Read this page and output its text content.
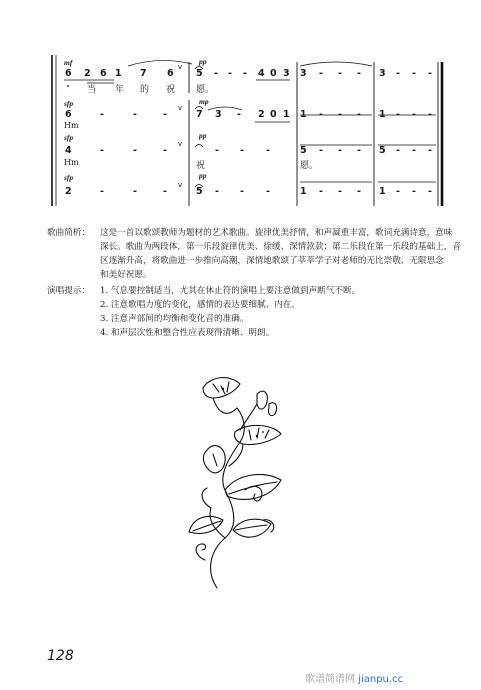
mf	pp
6 2 6 1 7 6
v
5 - - - 4 0 3 3 - - - 3 - - -
当 年 的 祝 愿。
sfp	mp
6	-	-	-
v
7 3 - 2 0 1 1 - - - 1 - - -
Hm
sfp	pp
4	-	-	-
v
- - -	5 - - - 5 - - -
Hm	祝	愿。
sfp	pp
2	-	-	-
v
5 - - -	1 - - - 1 - - -
歌曲简析： 这是一首以歌颂教师为题材的艺术歌曲。旋律优美抒情，和声凝重丰富，歌词充满诗意，意味
深长。歌曲为两段体，第一乐段旋律优美、徐缓、深情款款；第二乐段在第一乐段的基础上，音
区逐渐升高，将歌曲进一步推向高潮，深情地歌颂了莘莘学子对老师的无比崇敬、无限思念
和美好祝愿。
演唱提示： 1. 气息要控制适当，尤其在休止符的演唱上要注意做到声断气不断。
2. 注意歌唱力度的变化，感情的表达要细腻、内在。
3. 注意声部间的均衡和变化音的准确。
4. 和声层次性和整合性应表现得清晰、明朗。
128
歌谱简谱网 jianpu.cc
